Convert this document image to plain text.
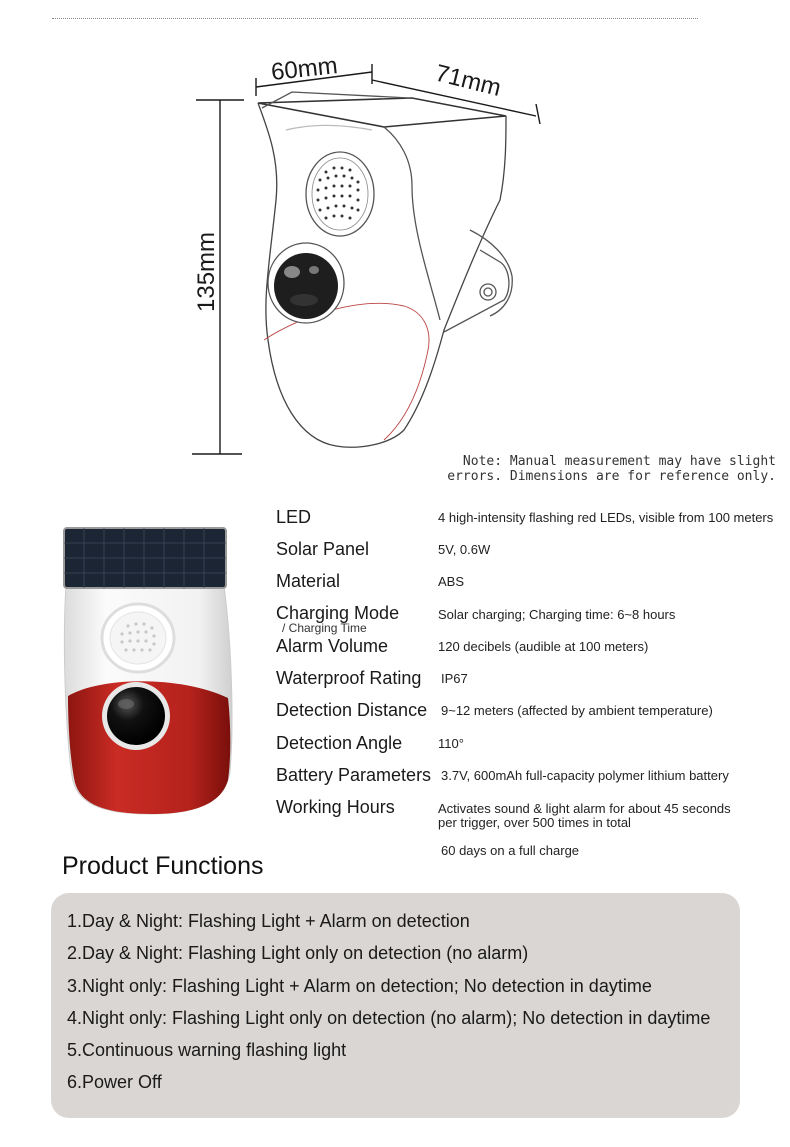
60mm	71mm
135mm
Note: Manual measurement may have slight
errors. Dimensions are for reference only.
LED	4 high-intensity flashing red LEDs, visible from 100 meters
Solar Panel	5V, 0.6W
Material	ABS
Charging Mode
/ Charging Time
Solar charging; Charging time: 6~8 hours
Alarm Volume	120 decibels (audible at 100 meters)
Waterproof Rating IP67
Detection Distance 9~12 meters (affected by ambient temperature)
Detection Angle	110°
Battery Parameters 3.7V, 600mAh full-capacity polymer lithium battery
Working Hours	Activates sound & light alarm for about 45 seconds
per trigger, over 500 times in total
60 days on a full charge
Product Functions
1.Day & Night: Flashing Light + Alarm on detection
2.Day & Night: Flashing Light only on detection (no alarm)
3.Night only: Flashing Light + Alarm on detection; No detection in daytime
4.Night only: Flashing Light only on detection (no alarm); No detection in daytime
5.Continuous warning flashing light
6.Power Off
